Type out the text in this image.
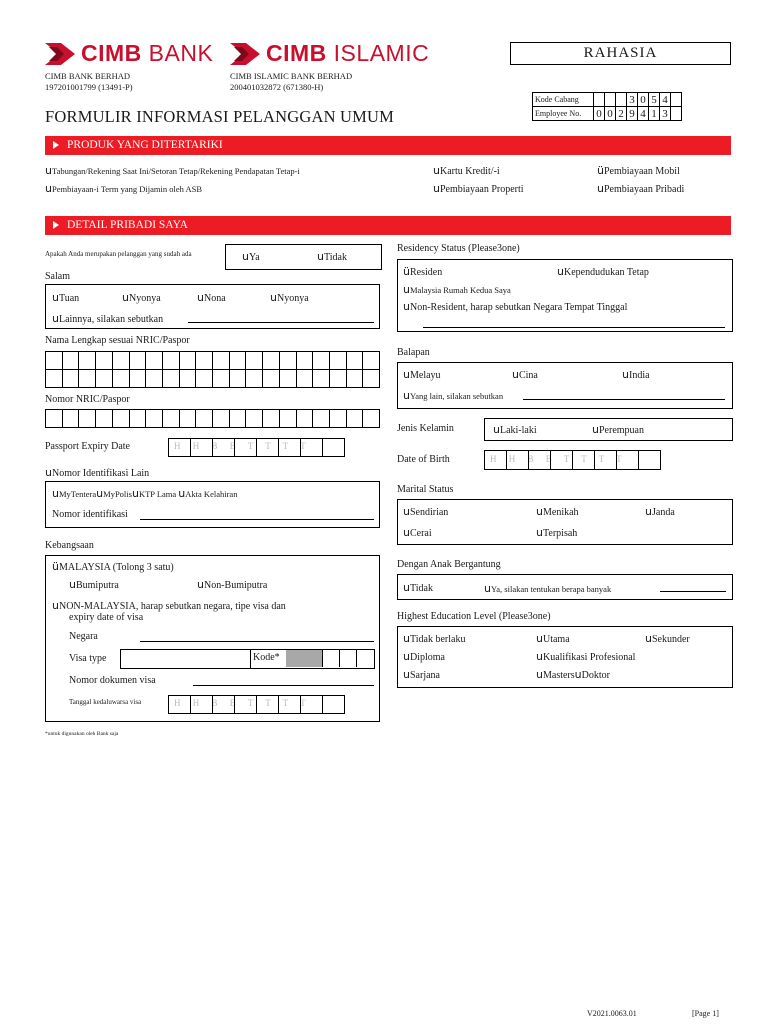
CIMB BANK CIMB ISLAMIC
CIMB BANK BERHAD
197201001799 (13491-P)
CIMB ISLAMIC BANK BERHAD
200401032872 (671380-H)
RAHASIA
Kode Cabang				3	0	5	4	
Employee No.	0	0	2	9	4	1	3	
FORMULIR INFORMASI PELANGGAN UMUM
PRODUK YANG DITERTARIKI
uTabungan/Rekening Saat Ini/Setoran Tetap/Rekening Pendapatan Tetap-i	uKartu Kredit/-i	üPembiayaan Mobil
uPembiayaan-i Term yang Dijamin oleh ASB	uPembiayaan Properti	uPembiayaan Pribadi
DETAIL PRIBADI SAYA
Apakah Anda merupakan pelanggan yang sudah ada	uYa	uTidak
Salam
uTuan	uNyonya	uNona	uNyonya
uLainnya, silakan sebutkan
Nama Lengkap sesuai NRIC/Paspor
Nomor NRIC/Paspor
Passport Expiry Date	H H B B T T T T
uNomor Identifikasi Lain
uMyTenterauMyPolisuKTP Lama uAkta Kelahiran
Nomor identifikasi
Kebangsaan
üMALAYSIA (Tolong 3 satu)
uBumiputra	uNon-Bumiputra
uNON-MALAYSIA, harap sebutkan negara, tipe visa dan
expiry date of visa
Negara
Visa type	Kode*
Nomor dokumen visa
Tanggal kedaluwarsa visa	H H B B T T T T
*untuk digunakan oleh Bank saja
Residency Status (Please3one)
üResiden	uKependudukan Tetap
uMalaysia Rumah Kedua Saya
uNon-Resident, harap sebutkan Negara Tempat Tinggal
Balapan
uMelayu	uCina	uIndia
uYang lain, silakan sebutkan
Jenis Kelamin	uLaki-laki	uPerempuan
Date of Birth	H H B B T T T T
Marital Status
uSendirian	uMenikah	uJanda
uCerai	uTerpisah
Dengan Anak Bergantung
uTidak	uYa, silakan tentukan berapa banyak
Highest Education Level (Please3one)
uTidak berlaku	uUtama	uSekunder
uDiploma	uKualifikasi Profesional
uSarjana	uMastersuDoktor
V2021.0063.01	[Page 1]
